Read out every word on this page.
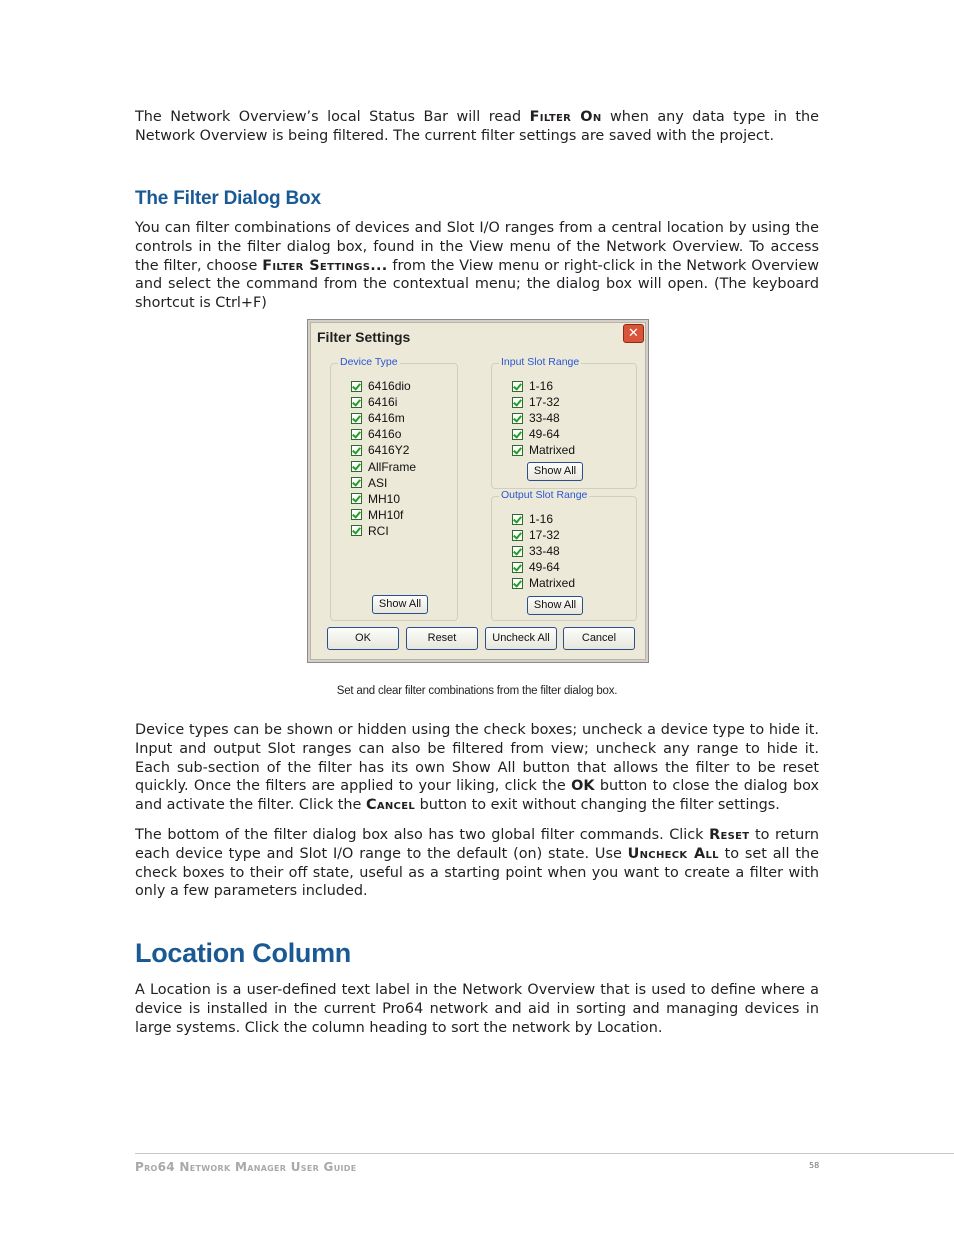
The Network Overview’s local Status Bar will read Filter On when any data type in the Network Overview is being filtered. The current filter settings are saved with the project.

The Filter Dialog Box

You can filter combinations of devices and Slot I/O ranges from a central location by using the controls in the filter dialog box, found in the View menu of the Network Overview. To access the filter, choose Filter Settings... from the View menu or right-click in the Network Overview and select the command from the contextual menu; the dialog box will open. (The keyboard shortcut is Ctrl+F)

Filter Settings	✕
Device Type
6416dio
6416i
6416m
6416o
6416Y2
AllFrame
ASI
MH10
MH10f
RCI
Show All
Input Slot Range
1-16
17-32
33-48
49-64
Matrixed
Show All
Output Slot Range
1-16
17-32
33-48
49-64
Matrixed
Show All
OK	Reset	Uncheck All	Cancel
Set and clear filter combinations from the filter dialog box.

Device types can be shown or hidden using the check boxes; uncheck a device type to hide it. Input and output Slot ranges can also be filtered from view; uncheck any range to hide it. Each sub-section of the filter has its own Show All button that allows the filter to be reset quickly. Once the filters are applied to your liking, click the OK button to close the dialog box and activate the filter. Click the Cancel button to exit without changing the filter settings.

The bottom of the filter dialog box also has two global filter commands. Click Reset to return each device type and Slot I/O range to the default (on) state. Use Uncheck All to set all the check boxes to their off state, useful as a starting point when you want to create a filter with only a few parameters included.

Location Column

A Location is a user-defined text label in the Network Overview that is used to define where a device is installed in the current Pro64 network and aid in sorting and managing devices in large systems. Click the column heading to sort the network by Location.

Pro64 Network Manager User Guide	58
